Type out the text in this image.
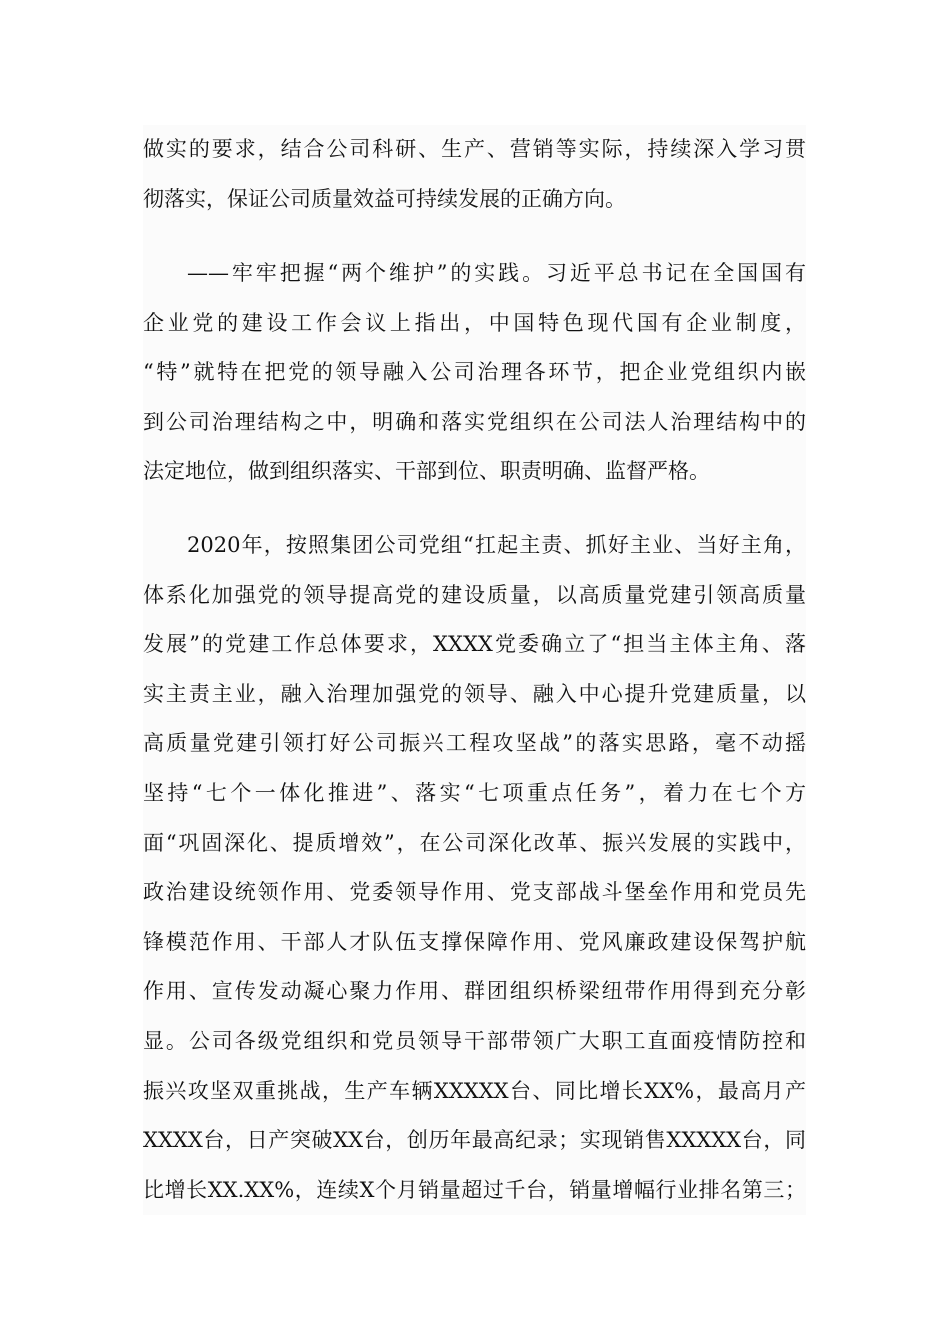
做实的要求，结合公司科研、生产、营销等实际，持续深入学习贯
彻落实，保证公司质量效益可持续发展的正确方向。
——牢牢把握“两个维护”的实践。习近平总书记在全国国有
企业党的建设工作会议上指出，中国特色现代国有企业制度，
“特”就特在把党的领导融入公司治理各环节，把企业党组织内嵌
到公司治理结构之中，明确和落实党组织在公司法人治理结构中的
法定地位，做到组织落实、干部到位、职责明确、监督严格。
2020年，按照集团公司党组“扛起主责、抓好主业、当好主角，
体系化加强党的领导提高党的建设质量，以高质量党建引领高质量
发展”的党建工作总体要求，XXXX党委确立了“担当主体主角、落
实主责主业，融入治理加强党的领导、融入中心提升党建质量，以
高质量党建引领打好公司振兴工程攻坚战”的落实思路，毫不动摇
坚持“七个一体化推进”、落实“七项重点任务”，着力在七个方
面“巩固深化、提质增效”，在公司深化改革、振兴发展的实践中，
政治建设统领作用、党委领导作用、党支部战斗堡垒作用和党员先
锋模范作用、干部人才队伍支撑保障作用、党风廉政建设保驾护航
作用、宣传发动凝心聚力作用、群团组织桥梁纽带作用得到充分彰
显。公司各级党组织和党员领导干部带领广大职工直面疫情防控和
振兴攻坚双重挑战，生产车辆XXXXX台、同比增长XX%，最高月产
XXXX台，日产突破XX台，创历年最高纪录；实现销售XXXXX台，同
比增长XX.XX%，连续X个月销量超过千台，销量增幅行业排名第三；
